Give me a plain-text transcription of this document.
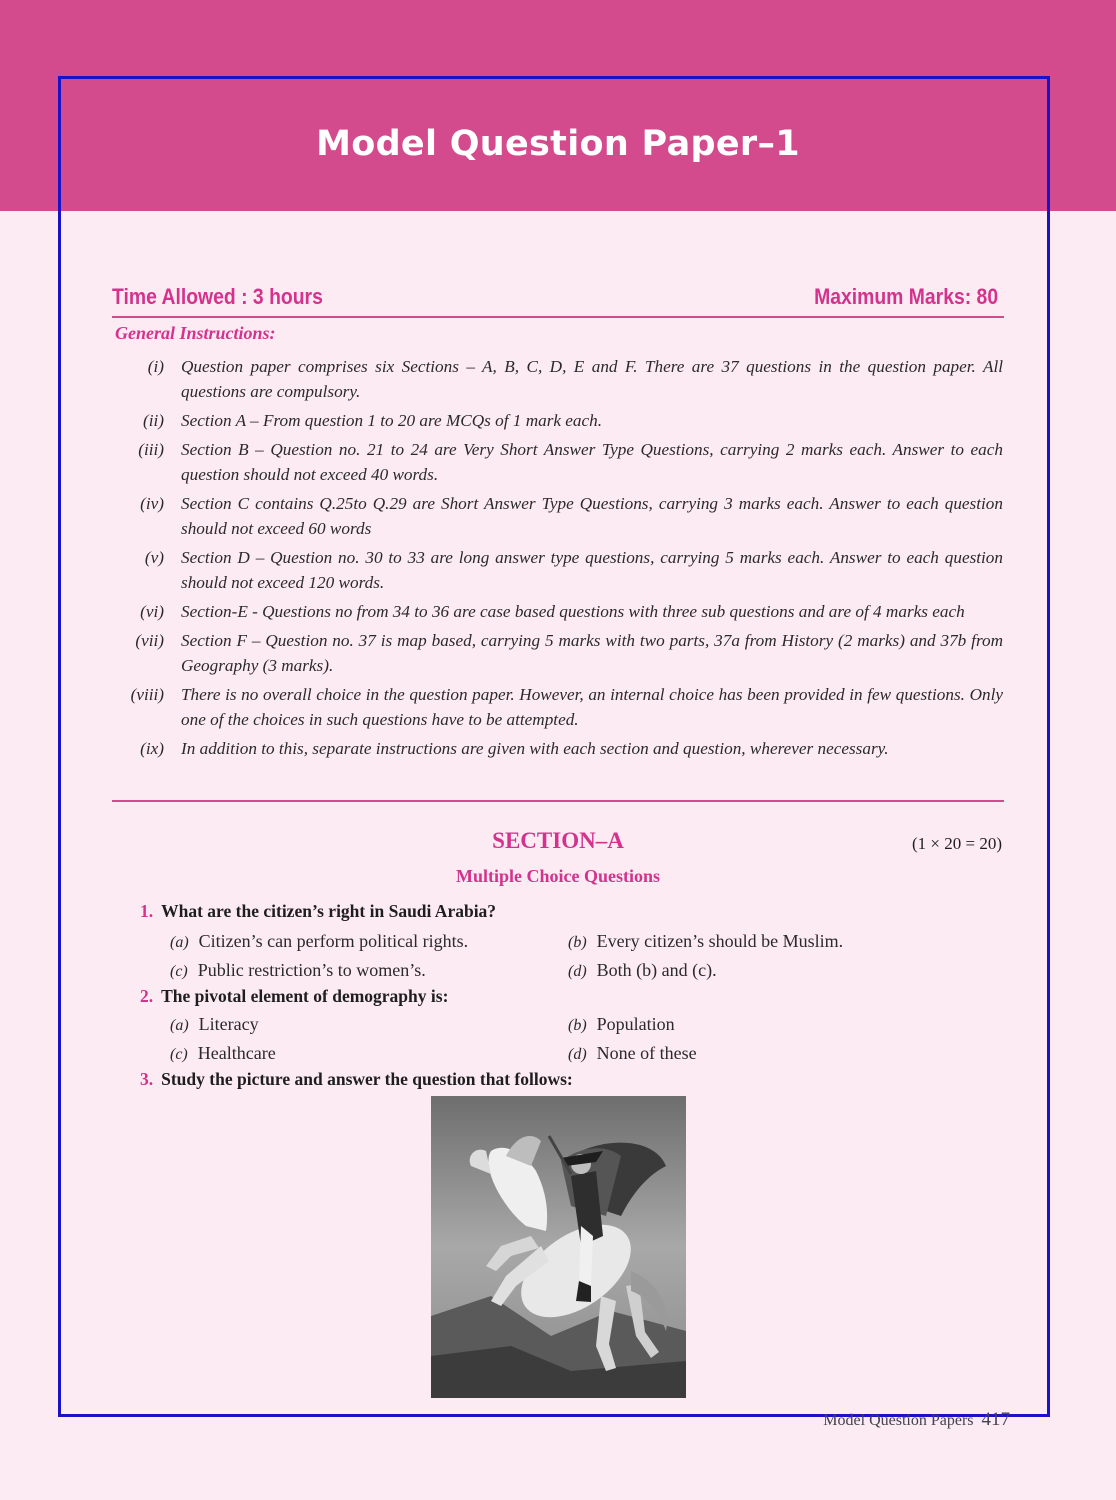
Model Question Paper–1
Time Allowed : 3 hours	Maximum Marks: 80
General Instructions:
(i) Question paper comprises six Sections – A, B, C, D, E and F. There are 37 questions in the question paper. All questions are compulsory.
(ii) Section A – From question 1 to 20 are MCQs of 1 mark each.
(iii) Section B – Question no. 21 to 24 are Very Short Answer Type Questions, carrying 2 marks each. Answer to each question should not exceed 40 words.
(iv) Section C contains Q.25to Q.29 are Short Answer Type Questions, carrying 3 marks each. Answer to each question should not exceed 60 words
(v) Section D – Question no. 30 to 33 are long answer type questions, carrying 5 marks each. Answer to each question should not exceed 120 words.
(vi) Section-E - Questions no from 34 to 36 are case based questions with three sub questions and are of 4 marks each
(vii) Section F – Question no. 37 is map based, carrying 5 marks with two parts, 37a from History (2 marks) and 37b from Geography (3 marks).
(viii) There is no overall choice in the question paper. However, an internal choice has been provided in few questions. Only one of the choices in such questions have to be attempted.
(ix) In addition to this, separate instructions are given with each section and question, wherever necessary.
SECTION–A	(1 × 20 = 20)
Multiple Choice Questions
1. What are the citizen’s right in Saudi Arabia?
(a) Citizen’s can perform political rights.	(b) Every citizen’s should be Muslim.
(c) Public restriction’s to women’s.	(d) Both (b) and (c).
2. The pivotal element of demography is:
(a) Literacy	(b) Population
(c) Healthcare	(d) None of these
3. Study the picture and answer the question that follows:
Model Question Papers 417
